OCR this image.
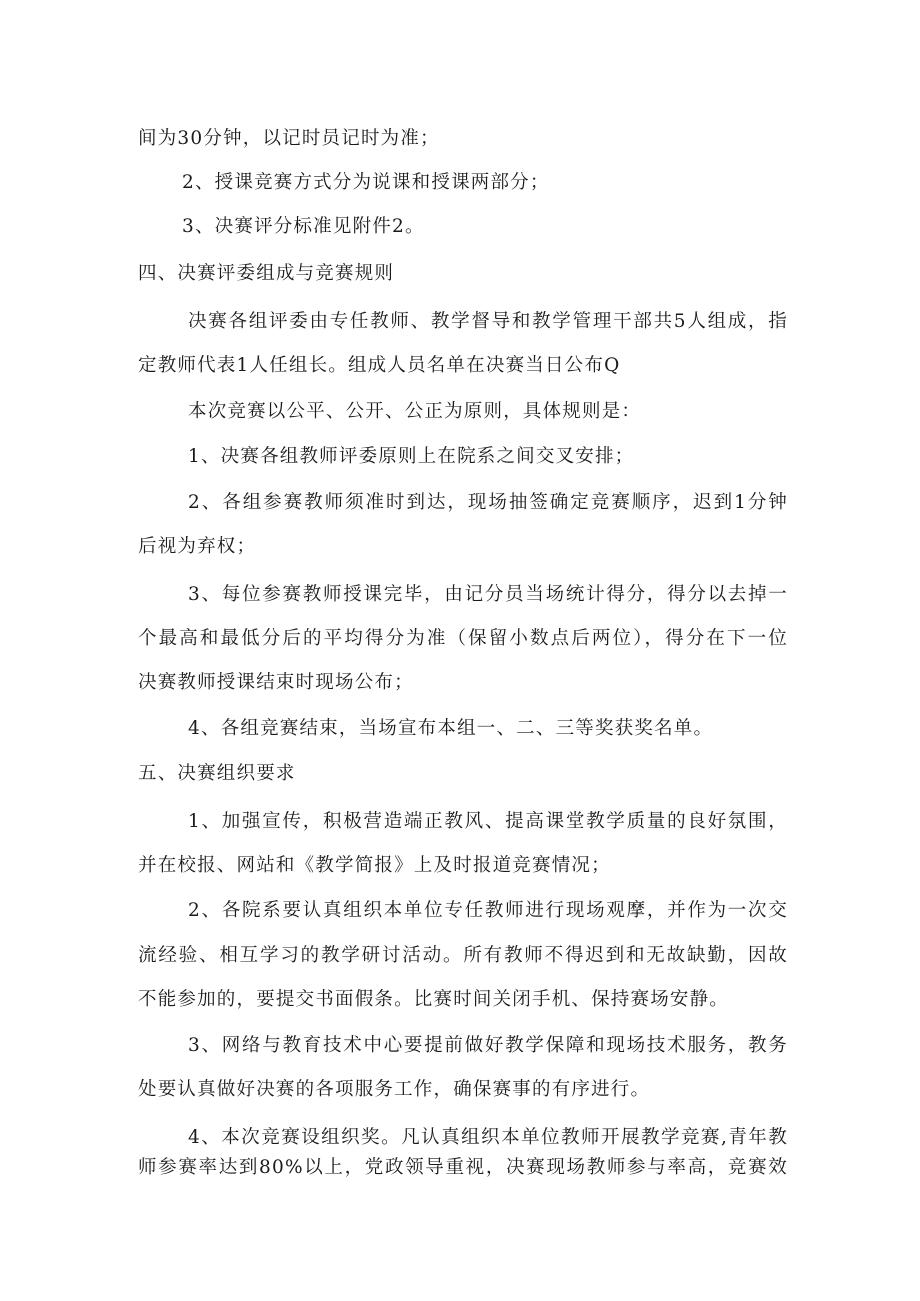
间为30分钟，以记时员记时为准；
2、授课竞赛方式分为说课和授课两部分；
3、决赛评分标准见附件2。
四、决赛评委组成与竞赛规则
决赛各组评委由专任教师、教学督导和教学管理干部共5人组成，指
定教师代表1人任组长。组成人员名单在决赛当日公布Q
本次竞赛以公平、公开、公正为原则，具体规则是：
1、决赛各组教师评委原则上在院系之间交叉安排；
2、各组参赛教师须准时到达，现场抽签确定竞赛顺序，迟到1分钟
后视为弃权；
3、每位参赛教师授课完毕，由记分员当场统计得分，得分以去掉一
个最高和最低分后的平均得分为准（保留小数点后两位），得分在下一位
决赛教师授课结束时现场公布；
4、各组竞赛结束，当场宣布本组一、二、三等奖获奖名单。
五、决赛组织要求
1、加强宣传，积极营造端正教风、提高课堂教学质量的良好氛围，
并在校报、网站和《教学简报》上及时报道竞赛情况；
2、各院系要认真组织本单位专任教师进行现场观摩，并作为一次交
流经验、相互学习的教学研讨活动。所有教师不得迟到和无故缺勤，因故
不能参加的，要提交书面假条。比赛时间关闭手机、保持赛场安静。
3、网络与教育技术中心要提前做好教学保障和现场技术服务，教务
处要认真做好决赛的各项服务工作，确保赛事的有序进行。
4、本次竞赛设组织奖。凡认真组织本单位教师开展教学竞赛,青年教
师参赛率达到80%以上，党政领导重视，决赛现场教师参与率高，竞赛效
